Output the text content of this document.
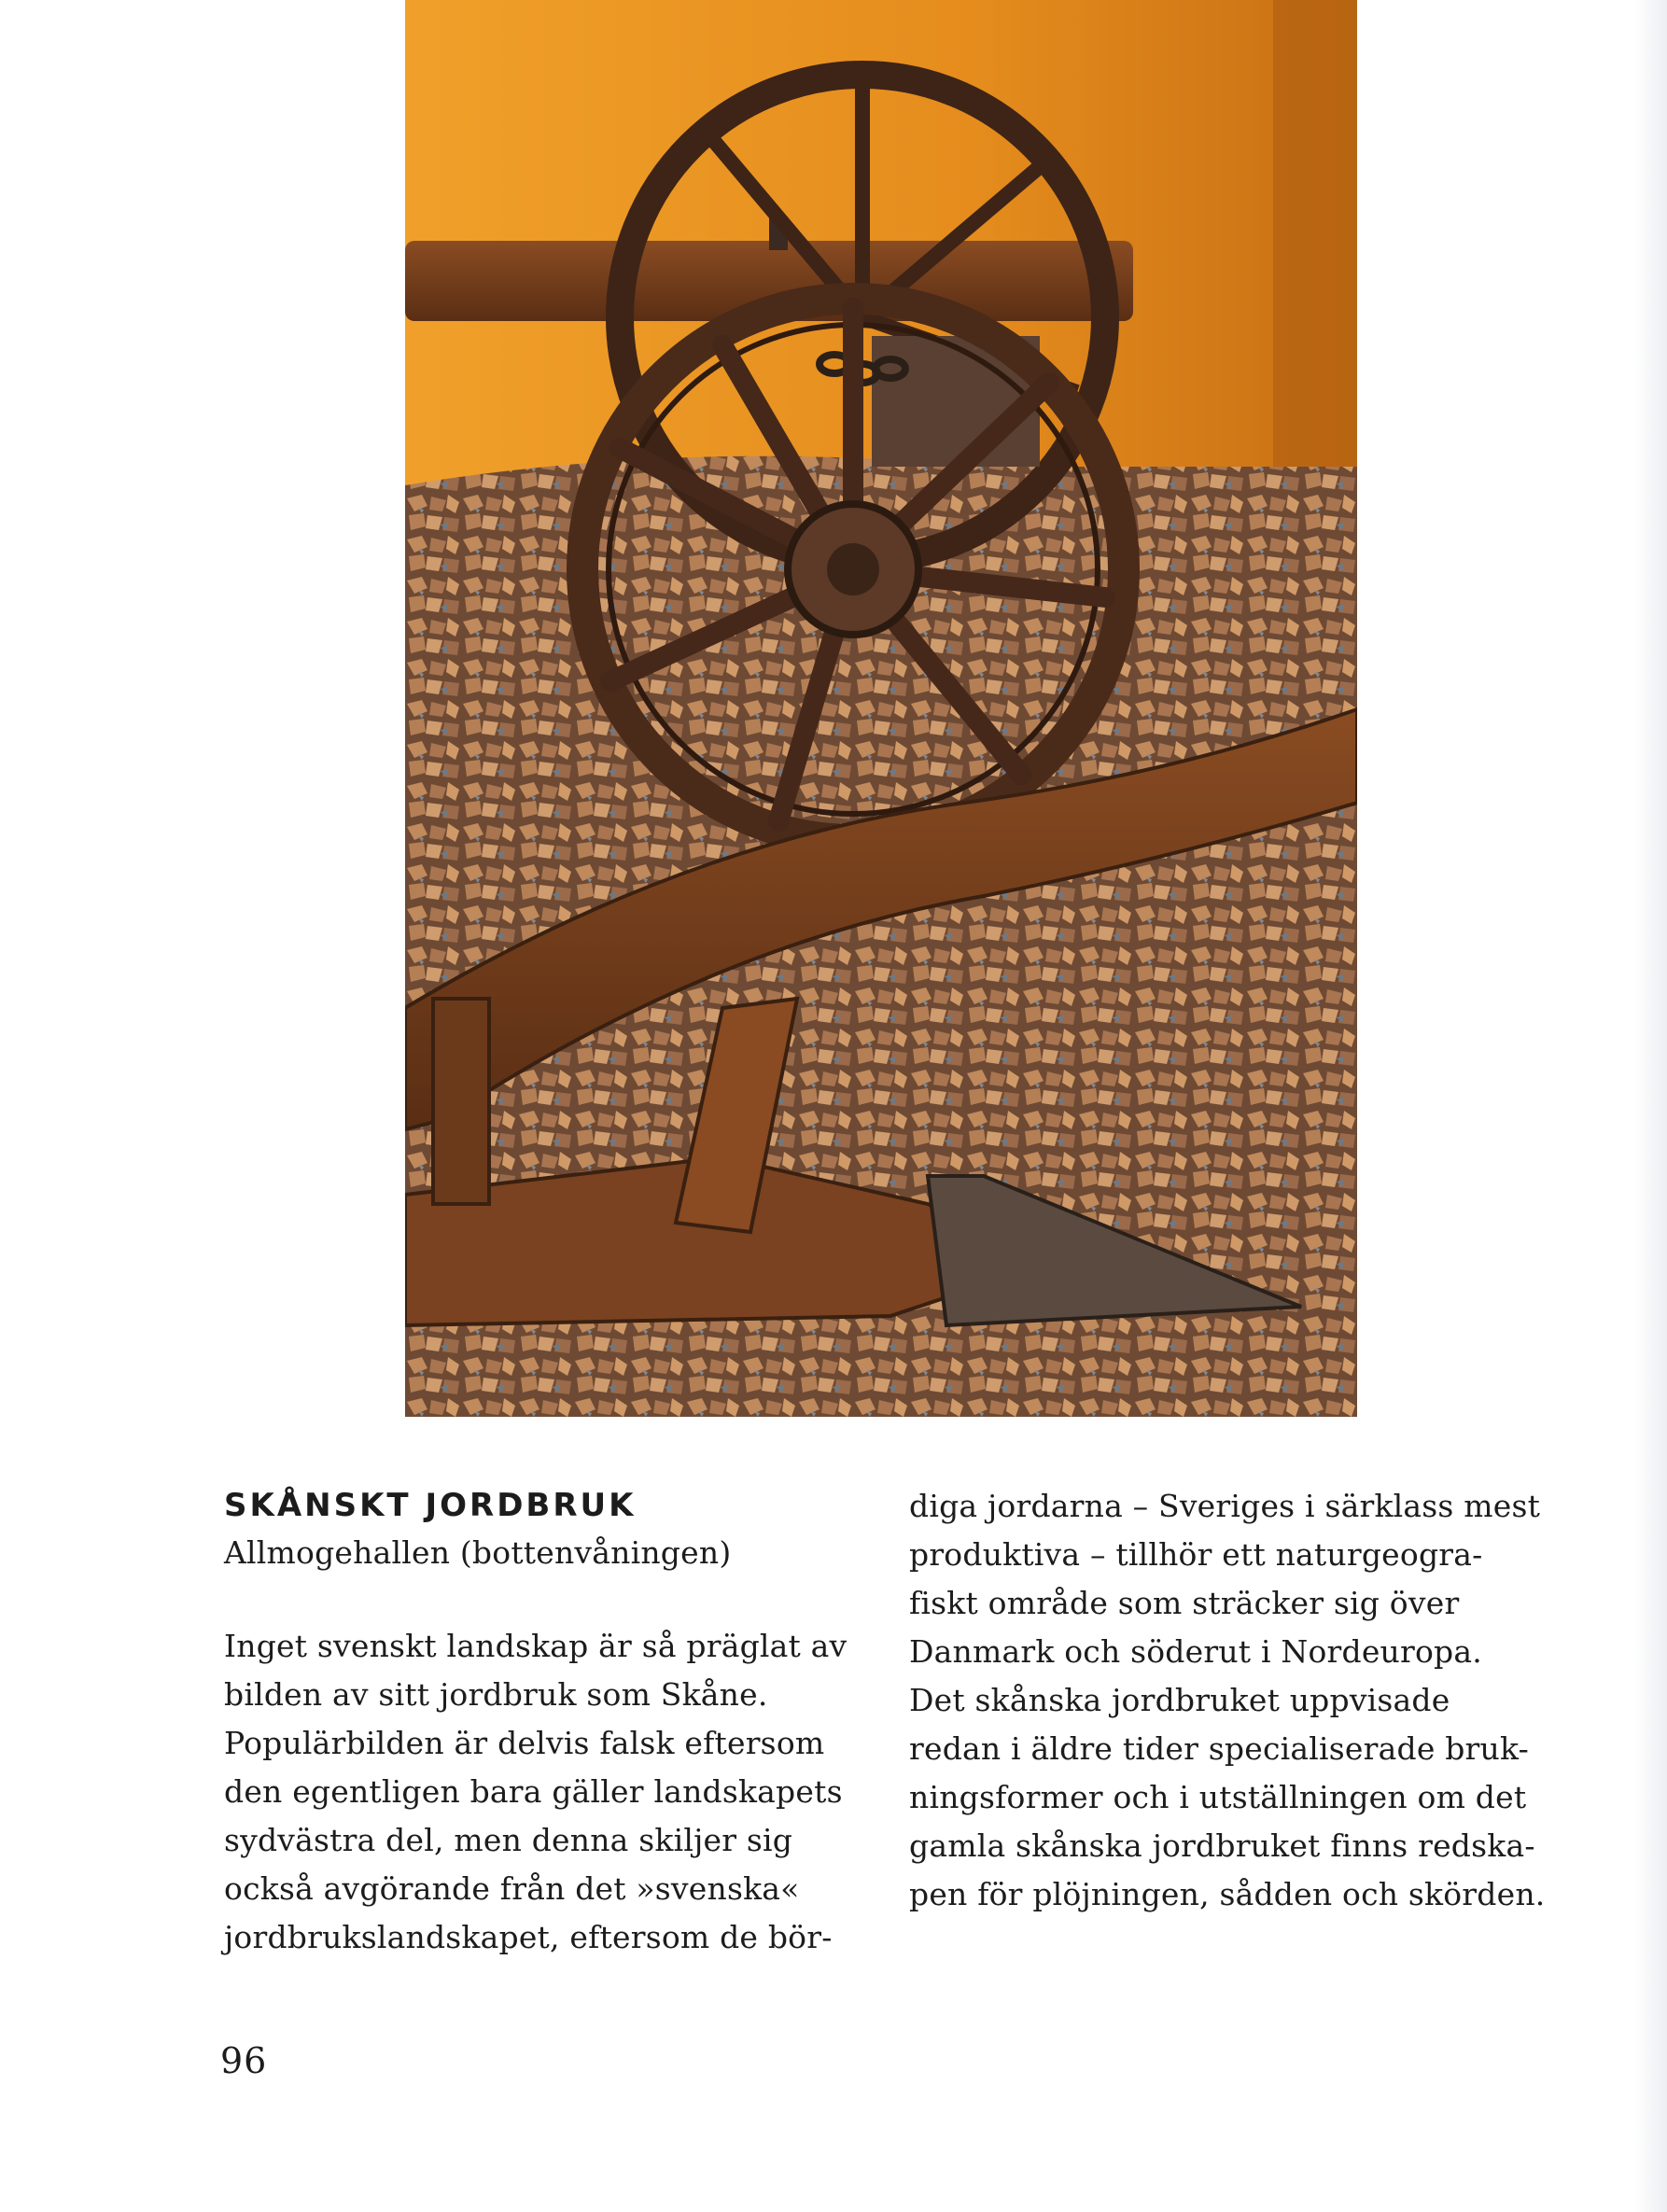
SKÅNSKT JORDBRUK

Allmogehallen (bottenvåningen)

Inget svenskt landskap är så präglat av
bilden av sitt jordbruk som Skåne.
Populärbilden är delvis falsk eftersom
den egentligen bara gäller landskapets
sydvästra del, men denna skiljer sig
också avgörande från det »svenska«
jordbrukslandskapet, eftersom de bör-
diga jordarna – Sveriges i särklass mest
produktiva – tillhör ett naturgeogra-
fiskt område som sträcker sig över
Danmark och söderut i Nordeuropa.
Det skånska jordbruket uppvisade
redan i äldre tider specialiserade bruk-
ningsformer och i utställningen om det
gamla skånska jordbruket finns redska-
pen för plöjningen, sådden och skörden.
96
